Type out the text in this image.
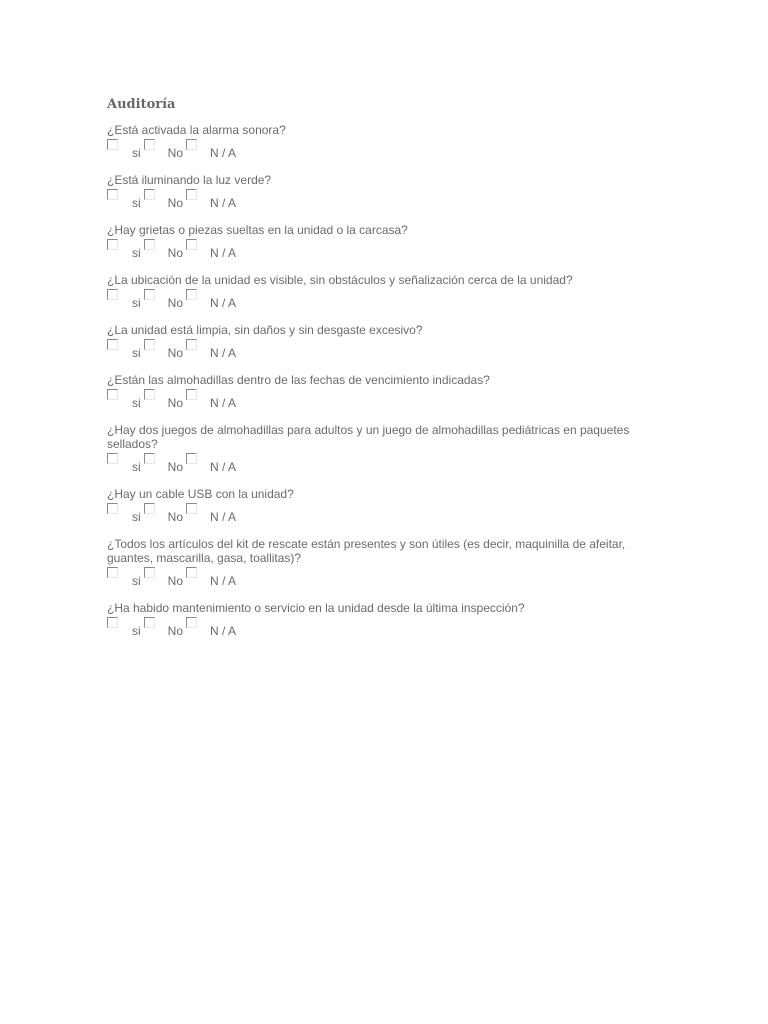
Auditoría

¿Está activada la alarma sonora?

si No N / A

¿Está iluminando la luz verde?

si No N / A

¿Hay grietas o piezas sueltas en la unidad o la carcasa?

si No N / A

¿La ubicación de la unidad es visible, sin obstáculos y señalización cerca de la unidad?

si No N / A

¿La unidad está limpia, sin daños y sin desgaste excesivo?

si No N / A

¿Están las almohadillas dentro de las fechas de vencimiento indicadas?

si No N / A

¿Hay dos juegos de almohadillas para adultos y un juego de almohadillas pediátricas en paquetes sellados?

si No N / A

¿Hay un cable USB con la unidad?

si No N / A

¿Todos los artículos del kit de rescate están presentes y son útiles (es decir, maquinilla de afeitar, guantes, mascarilla, gasa, toallitas)?

si No N / A

¿Ha habido mantenimiento o servicio en la unidad desde la última inspección?

si No N / A
